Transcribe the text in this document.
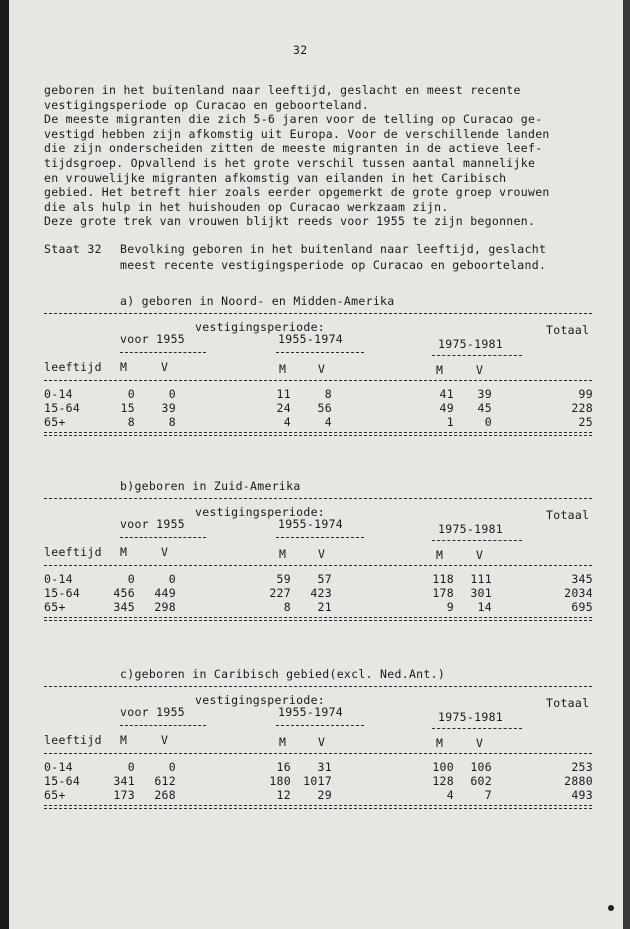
32
geboren in het buitenland naar leeftijd, geslacht en meest recente
vestigingsperiode op Curacao en geboorteland.
De meeste migranten die zich 5-6 jaren voor de telling op Curacao ge-
vestigd hebben zijn afkomstig uit Europa. Voor de verschillende landen
die zijn onderscheiden zitten de meeste migranten in de actieve leef-
tijdsgroep. Opvallend is het grote verschil tussen aantal mannelijke
en vrouwelijke migranten afkomstig van eilanden in het Caribisch
gebied. Het betreft hier zoals eerder opgemerkt de grote groep vrouwen
die als hulp in het huishouden op Curacao werkzaam zijn.
Deze grote trek van vrouwen blijkt reeds voor 1955 te zijn begonnen.
Staat 32 Bevolking geboren in het buitenland naar leeftijd, geslacht
meest recente vestigingsperiode op Curacao en geboorteland.
a) geboren in Noord- en Midden-Amerika
vestigingsperiode:	Totaal
voor 1955	1955-1974	1975-1981
leeftijd M	V	M	V	M	V
0-14	0	0	11	8	41	39	99
15-64	15	39	24	56	49	45	228
65+	8	8	4	4	1	0	25
b)geboren in Zuid-Amerika
vestigingsperiode:	Totaal
voor 1955	1955-1974	1975-1981
leeftijd M	V	M	V	M	V
0-14	0	0	59	57	118	111	345
15-64	456	449	227	423	178	301	2034
65+	345	298	8	21	9	14	695
c)geboren in Caribisch gebied(excl. Ned.Ant.)
vestigingsperiode:	Totaal
voor 1955	1955-1974	1975-1981
leeftijd M	V	M	V	M	V
0-14	0	0	16	31	100	106	253
15-64	341	612	180	1017	128	602	2880
65+	173	268	12	29	4	7	493
